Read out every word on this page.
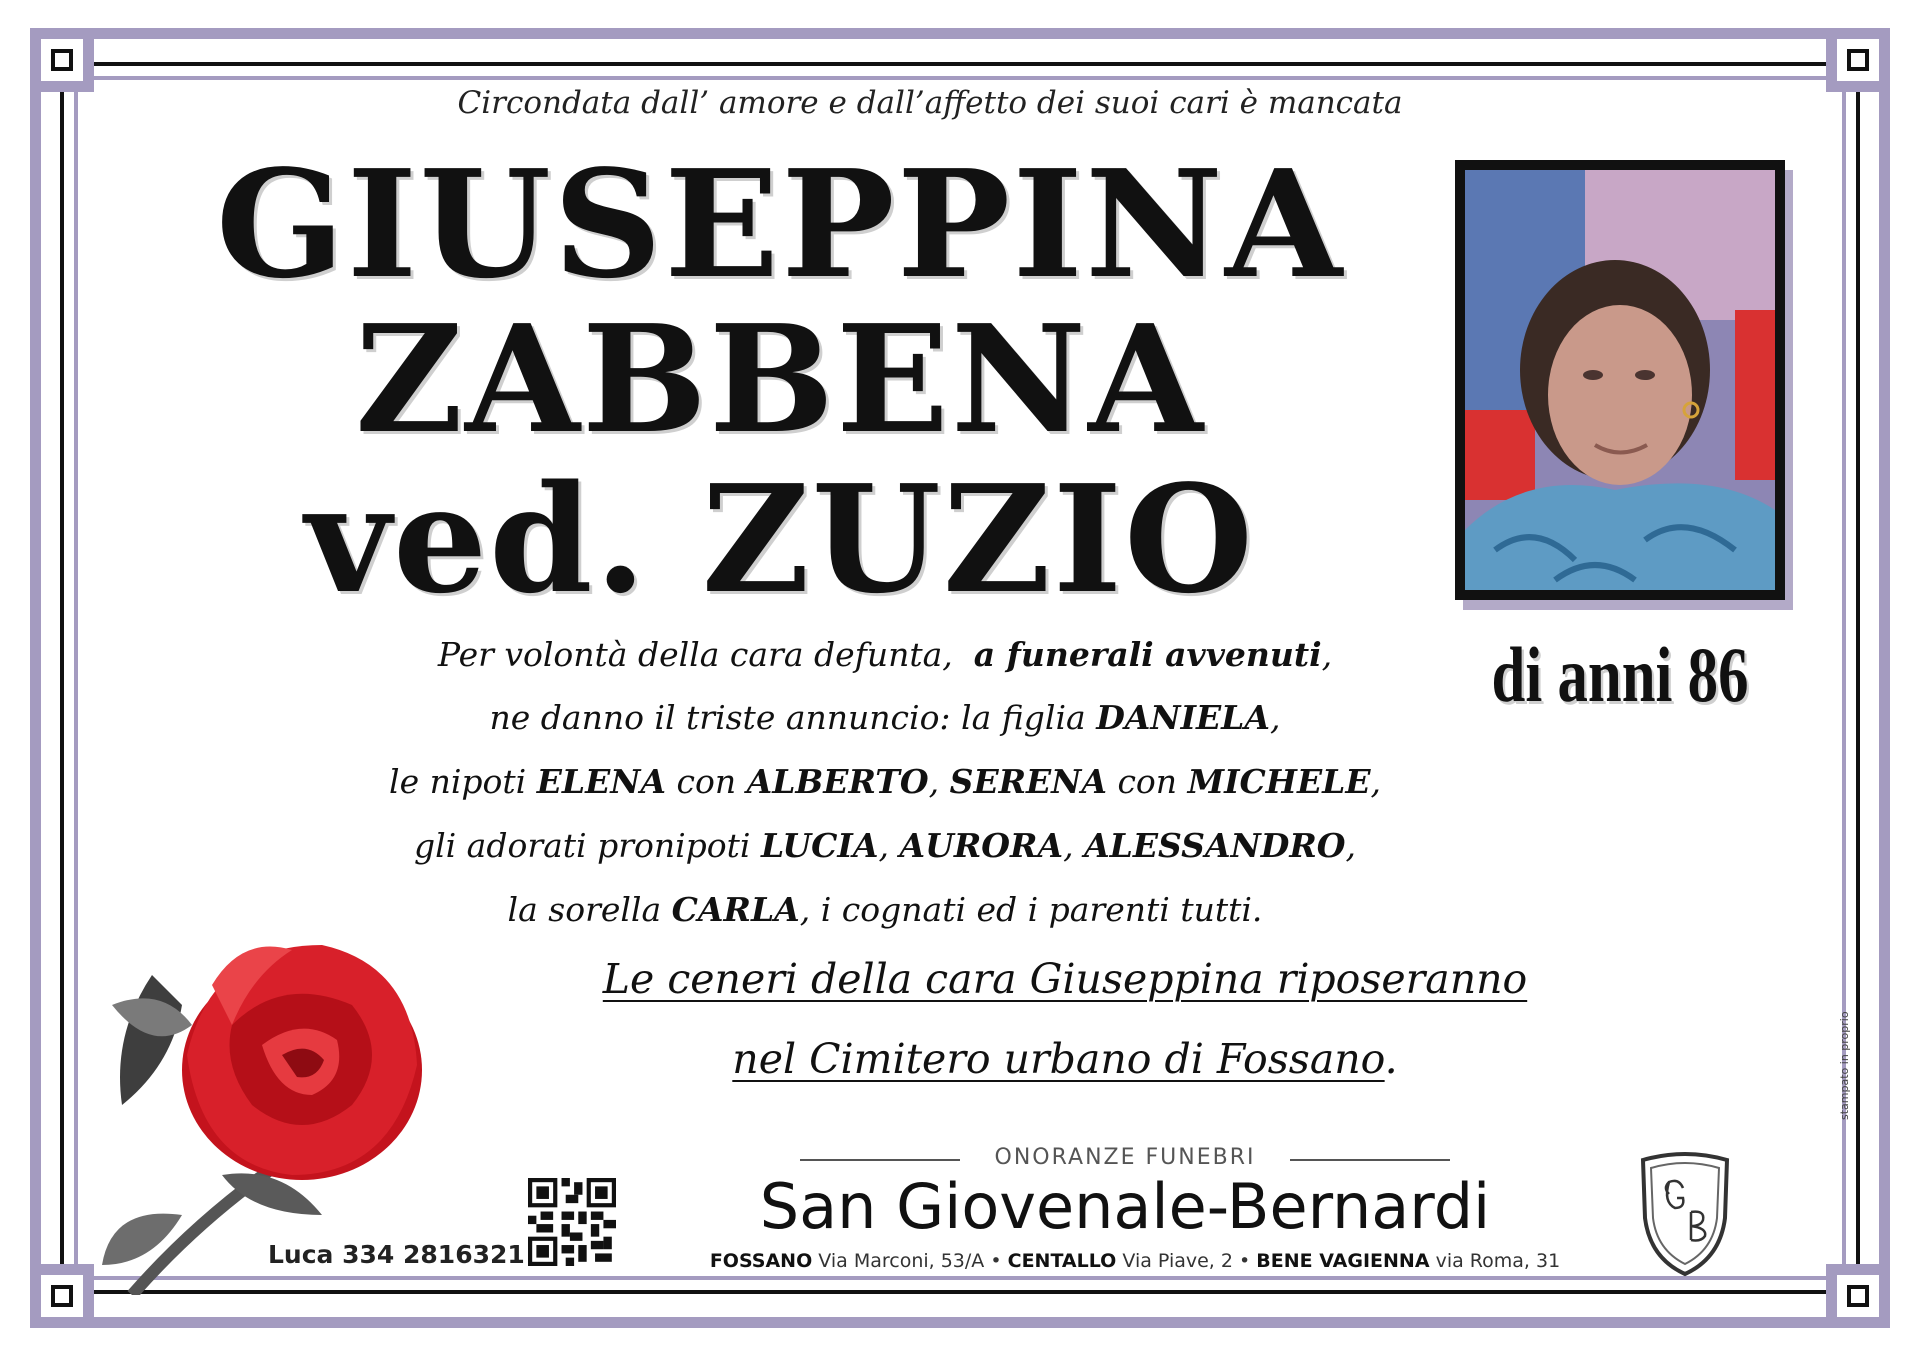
Circondata dall’ amore e dall’affetto dei suoi cari è mancata
GIUSEPPINA
ZABBENA
ved. ZUZIO
di anni 86
Per volontà della cara defunta, a funerali avvenuti,
ne danno il triste annuncio: la figlia DANIELA,
le nipoti ELENA con ALBERTO, SERENA con MICHELE,
gli adorati pronipoti LUCIA, AURORA, ALESSANDRO,
la sorella CARLA, i cognati ed i parenti tutti.
Le ceneri della cara Giuseppina riposeranno
nel Cimitero urbano di Fossano.
Luca 334 2816321
ONORANZE FUNEBRI
San Giovenale-Bernardi
FOSSANO Via Marconi, 53/A • CENTALLO Via Piave, 2 • BENE VAGIENNA via Roma, 31
stampato in proprio
